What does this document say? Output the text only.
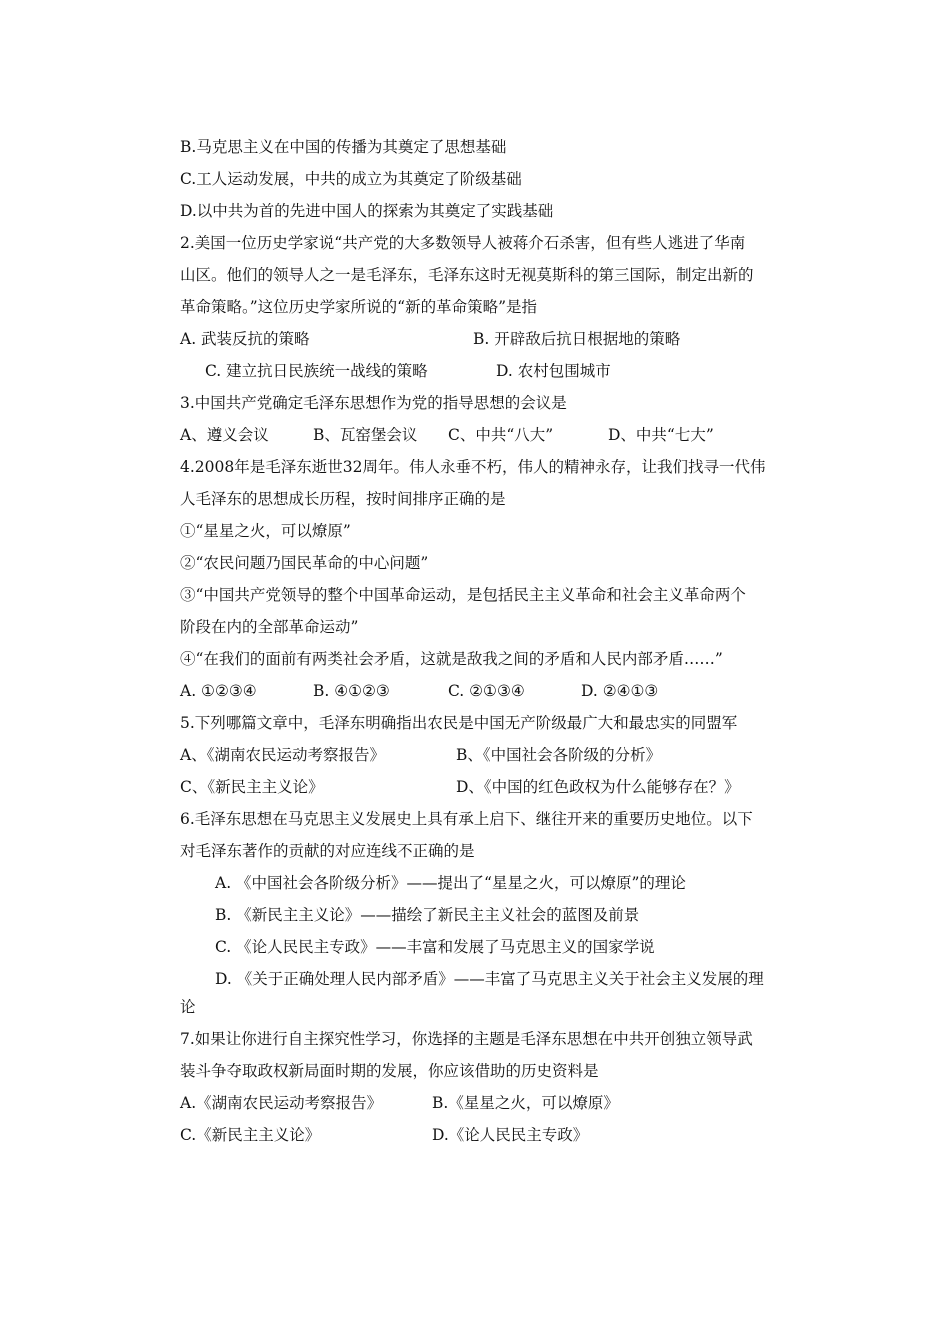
B.马克思主义在中国的传播为其奠定了思想基础
C.工人运动发展，中共的成立为其奠定了阶级基础
D.以中共为首的先进中国人的探索为其奠定了实践基础
2.美国一位历史学家说“共产党的大多数领导人被蒋介石杀害，但有些人逃进了华南
山区。他们的领导人之一是毛泽东，毛泽东这时无视莫斯科的第三国际，制定出新的
革命策略。”这位历史学家所说的“新的革命策略”是指
A. 武装反抗的策略	B. 开辟敌后抗日根据地的策略
C. 建立抗日民族统一战线的策略	D. 农村包围城市
3.中国共产党确定毛泽东思想作为党的指导思想的会议是
A、遵义会议	B、瓦窑堡会议 C、中共“八大”	D、中共“七大”
4.2008年是毛泽东逝世32周年。伟人永垂不朽，伟人的精神永存，让我们找寻一代伟
人毛泽东的思想成长历程，按时间排序正确的是
①“星星之火，可以燎原”
②“农民问题乃国民革命的中心问题”
③“中国共产党领导的整个中国革命运动，是包括民主主义革命和社会主义革命两个
阶段在内的全部革命运动”
④“在我们的面前有两类社会矛盾，这就是敌我之间的矛盾和人民内部矛盾……”
A. ①②③④	B. ④①②③	C. ②①③④	D. ②④①③
5.下列哪篇文章中，毛泽东明确指出农民是中国无产阶级最广大和最忠实的同盟军
A、《湖南农民运动考察报告》	B、《中国社会各阶级的分析》
C、《新民主主义论》	D、《中国的红色政权为什么能够存在？》
6.毛泽东思想在马克思主义发展史上具有承上启下、继往开来的重要历史地位。以下
对毛泽东著作的贡献的对应连线不正确的是
A. 《中国社会各阶级分析》——提出了“星星之火，可以燎原”的理论
B. 《新民主主义论》——描绘了新民主主义社会的蓝图及前景
C. 《论人民民主专政》——丰富和发展了马克思主义的国家学说
D. 《关于正确处理人民内部矛盾》——丰富了马克思主义关于社会主义发展的理
论
7.如果让你进行自主探究性学习，你选择的主题是毛泽东思想在中共开创独立领导武
装斗争夺取政权新局面时期的发展，你应该借助的历史资料是
A.《湖南农民运动考察报告》	B.《星星之火，可以燎原》
C.《新民主主义论》	D.《论人民民主专政》
